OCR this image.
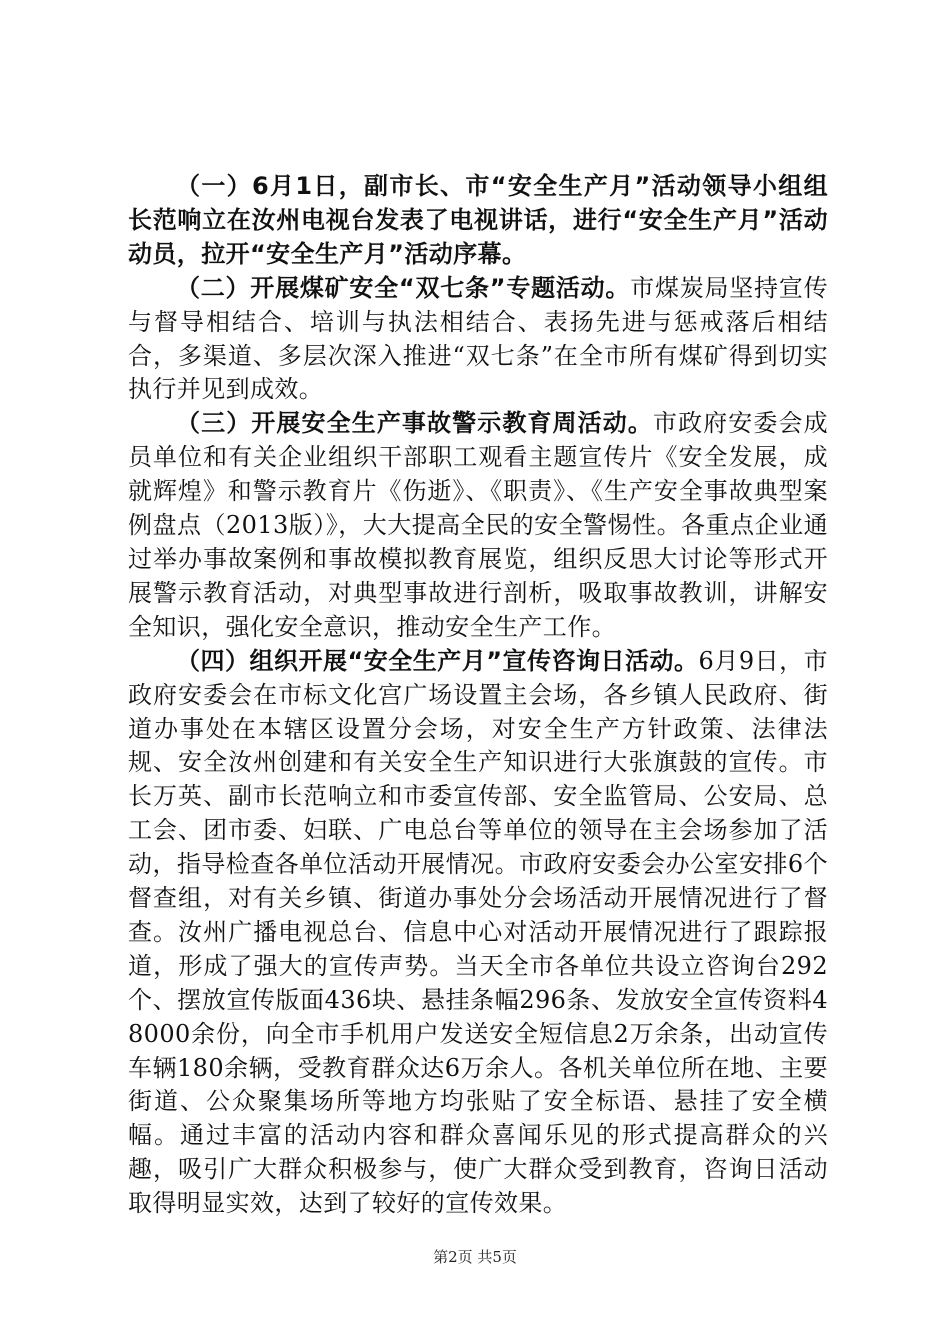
（一）6月1日，副市长、市“安全生产月”活动领导小组组长范响立在汝州电视台发表了电视讲话，进行“安全生产月”活动动员，拉开“安全生产月”活动序幕。

（二）开展煤矿安全“双七条”专题活动。市煤炭局坚持宣传与督导相结合、培训与执法相结合、表扬先进与惩戒落后相结合，多渠道、多层次深入推进“双七条”在全市所有煤矿得到切实执行并见到成效。

（三）开展安全生产事故警示教育周活动。市政府安委会成员单位和有关企业组织干部职工观看主题宣传片《安全发展，成就辉煌》和警示教育片《伤逝》、《职责》、《生产安全事故典型案例盘点（2013版）》，大大提高全民的安全警惕性。各重点企业通过举办事故案例和事故模拟教育展览，组织反思大讨论等形式开展警示教育活动，对典型事故进行剖析，吸取事故教训，讲解安全知识，强化安全意识，推动安全生产工作。

（四）组织开展“安全生产月”宣传咨询日活动。6月9日，市政府安委会在市标文化宫广场设置主会场，各乡镇人民政府、街道办事处在本辖区设置分会场，对安全生产方针政策、法律法规、安全汝州创建和有关安全生产知识进行大张旗鼓的宣传。市长万英、副市长范响立和市委宣传部、安全监管局、公安局、总工会、团市委、妇联、广电总台等单位的领导在主会场参加了活动，指导检查各单位活动开展情况。市政府安委会办公室安排6个督查组，对有关乡镇、街道办事处分会场活动开展情况进行了督查。汝州广播电视总台、信息中心对活动开展情况进行了跟踪报道，形成了强大的宣传声势。当天全市各单位共设立咨询台292个、摆放宣传版面436块、悬挂条幅296条、发放安全宣传资料48000余份，向全市手机用户发送安全短信息2万余条，出动宣传车辆180余辆，受教育群众达6万余人。各机关单位所在地、主要街道、公众聚集场所等地方均张贴了安全标语、悬挂了安全横幅。通过丰富的活动内容和群众喜闻乐见的形式提高群众的兴趣，吸引广大群众积极参与，使广大群众受到教育，咨询日活动取得明显实效，达到了较好的宣传效果。

第2页 共5页
